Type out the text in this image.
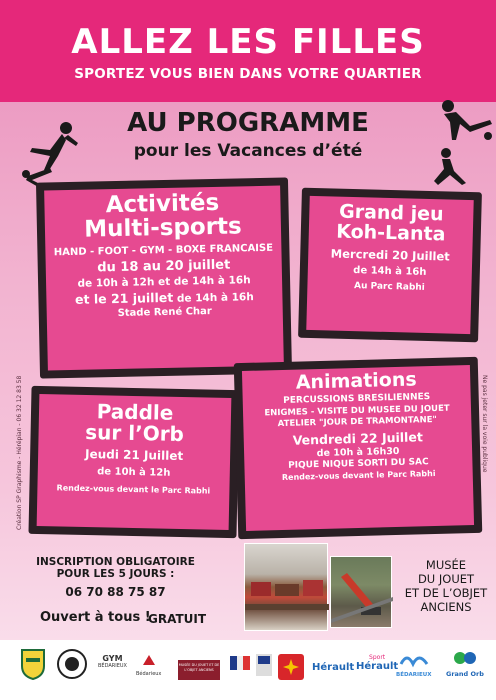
ALLEZ LES FILLES
SPORTEZ VOUS BIEN DANS VOTRE QUARTIER
AU PROGRAMME
pour les Vacances d’été
Activités
Multi-sports
HAND - FOOT - GYM - BOXE FRANCAISE
du 18 au 20 juillet
de 10h à 12h et de 14h à 16h
et le 21 juillet de 14h à 16h
Stade René Char
Grand jeu
Koh-Lanta
Mercredi 20 Juillet
de 14h à 16h
Au Parc Rabhi
Paddle
sur l’Orb
Jeudi 21 Juillet
de 10h à 12h
Rendez-vous devant le Parc Rabhi
Animations
PERCUSSIONS BRESILIENNES
ENIGMES - VISITE DU MUSEE DU JOUET
ATELIER "JOUR DE TRAMONTANE"
Vendredi 22 Juillet
de 10h à 16h30
PIQUE NIQUE SORTI DU SAC
Rendez-vous devant le Parc Rabhi
Création SP Graphisme - Hérépian - 06 32 12 83 58	Ne pas jeter sur la voie publique
INSCRIPTION OBLIGATOIRE
POUR LES 5 JOURS :
06 70 88 75 87
Ouvert à tous !
GRATUIT
MUSÉE
DU JOUET
ET DE L’OBJET
ANCIENS
GYM
BÉDARIEUX
Bédarieux
MUSÉE DU JOUET ET DE L’OBJET ANCIENS	Hérault
Sport
Hérault
BÉDARIEUX Grand Orb
